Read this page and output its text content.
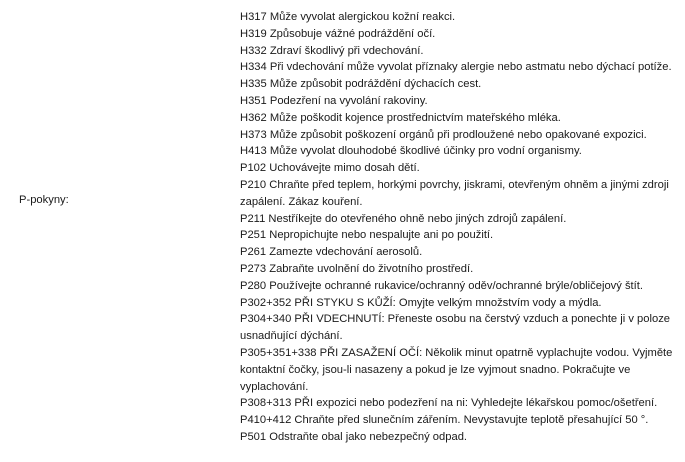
P-pokyny:
H317 Může vyvolat alergickou kožní reakci.
H319 Způsobuje vážné podráždění očí.
H332 Zdraví škodlivý při vdechování.
H334 Při vdechování může vyvolat příznaky alergie nebo astmatu nebo dýchací potíže.
H335 Může způsobit podráždění dýchacích cest.
H351 Podezření na vyvolání rakoviny.
H362 Může poškodit kojence prostřednictvím mateřského mléka.
H373 Může způsobit poškození orgánů při prodloužené nebo opakované expozici.
H413 Může vyvolat dlouhodobé škodlivé účinky pro vodní organismy.
P102 Uchovávejte mimo dosah dětí.
P210 Chraňte před teplem, horkými povrchy, jiskrami, otevřeným ohněm a jinými zdroji
zapálení. Zákaz kouření.
P211 Nestříkejte do otevřeného ohně nebo jiných zdrojů zapálení.
P251 Nepropichujte nebo nespalujte ani po použití.
P261 Zamezte vdechování aerosolů.
P273 Zabraňte uvolnění do životního prostředí.
P280 Používejte ochranné rukavice/ochranný oděv/ochranné brýle/obličejový štít.
P302+352 PŘI STYKU S KŮŽÍ: Omyjte velkým množstvím vody a mýdla.
P304+340 PŘI VDECHNUTÍ: Přeneste osobu na čerstvý vzduch a ponechte ji v poloze
usnadňující dýchání.
P305+351+338 PŘI ZASAŽENÍ OČÍ: Několik minut opatrně vyplachujte vodou. Vyjměte
kontaktní čočky, jsou-li nasazeny a pokud je lze vyjmout snadno. Pokračujte ve
vyplachování.
P308+313 PŘI expozici nebo podezření na ni: Vyhledejte lékařskou pomoc/ošetření.
P410+412 Chraňte před slunečním zářením. Nevystavujte teplotě přesahující 50 °.
P501 Odstraňte obal jako nebezpečný odpad.
